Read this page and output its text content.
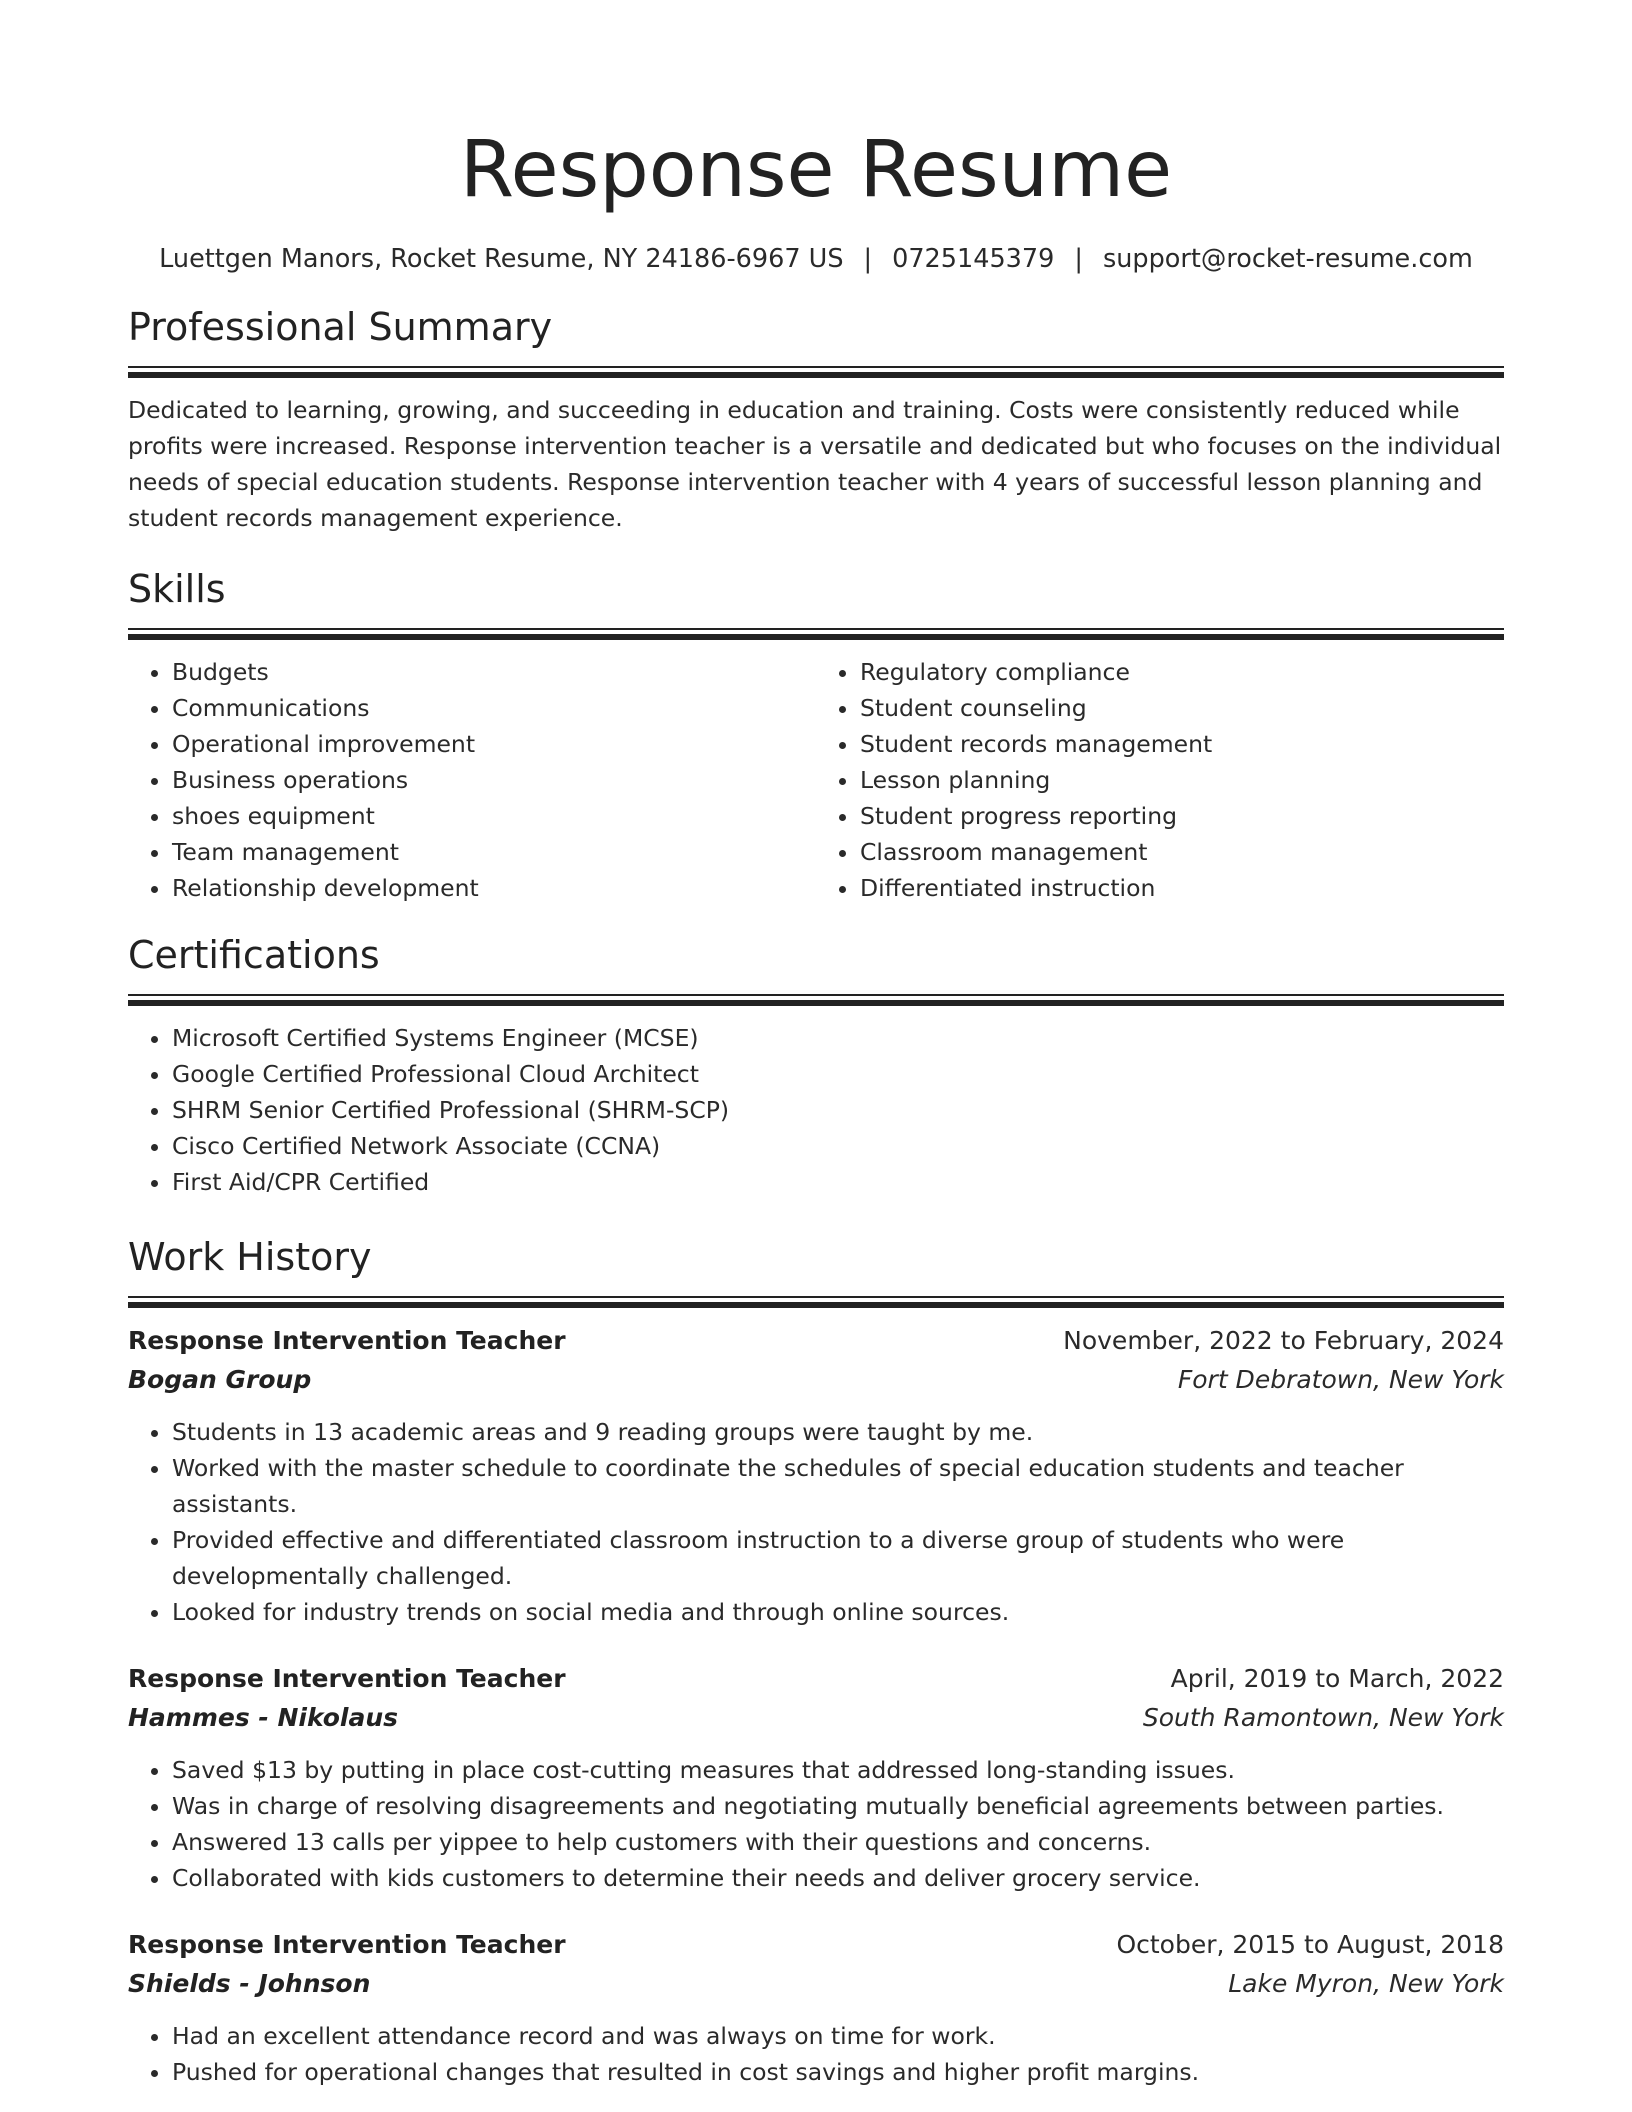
Response Resume
Luettgen Manors, Rocket Resume, NY 24186-6967 US | 0725145379 | support@rocket-resume.com
Professional Summary

Dedicated to learning, growing, and succeeding in education and training. Costs were consistently reduced while profits were increased. Response intervention teacher is a versatile and dedicated but who focuses on the individual needs of special education students. Response intervention teacher with 4 years of successful lesson planning and student records management experience.

Skills
• Budgets
• Communications
• Operational improvement
• Business operations
• shoes equipment
• Team management
• Relationship development
• Regulatory compliance
• Student counseling
• Student records management
• Lesson planning
• Student progress reporting
• Classroom management
• Differentiated instruction
Certifications
• Microsoft Certified Systems Engineer (MCSE)
• Google Certified Professional Cloud Architect
• SHRM Senior Certified Professional (SHRM-SCP)
• Cisco Certified Network Associate (CCNA)
• First Aid/CPR Certified
Work History
Response Intervention Teacher	November, 2022 to February, 2024
Bogan Group	Fort Debratown, New York
• Students in 13 academic areas and 9 reading groups were taught by me.
• Worked with the master schedule to coordinate the schedules of special education students and teacher assistants.
• Provided effective and differentiated classroom instruction to a diverse group of students who were developmentally challenged.
• Looked for industry trends on social media and through online sources.
Response Intervention Teacher	April, 2019 to March, 2022
Hammes - Nikolaus	South Ramontown, New York
• Saved $13 by putting in place cost-cutting measures that addressed long-standing issues.
• Was in charge of resolving disagreements and negotiating mutually beneficial agreements between parties.
• Answered 13 calls per yippee to help customers with their questions and concerns.
• Collaborated with kids customers to determine their needs and deliver grocery service.
Response Intervention Teacher	October, 2015 to August, 2018
Shields - Johnson	Lake Myron, New York
• Had an excellent attendance record and was always on time for work.
• Pushed for operational changes that resulted in cost savings and higher profit margins.
